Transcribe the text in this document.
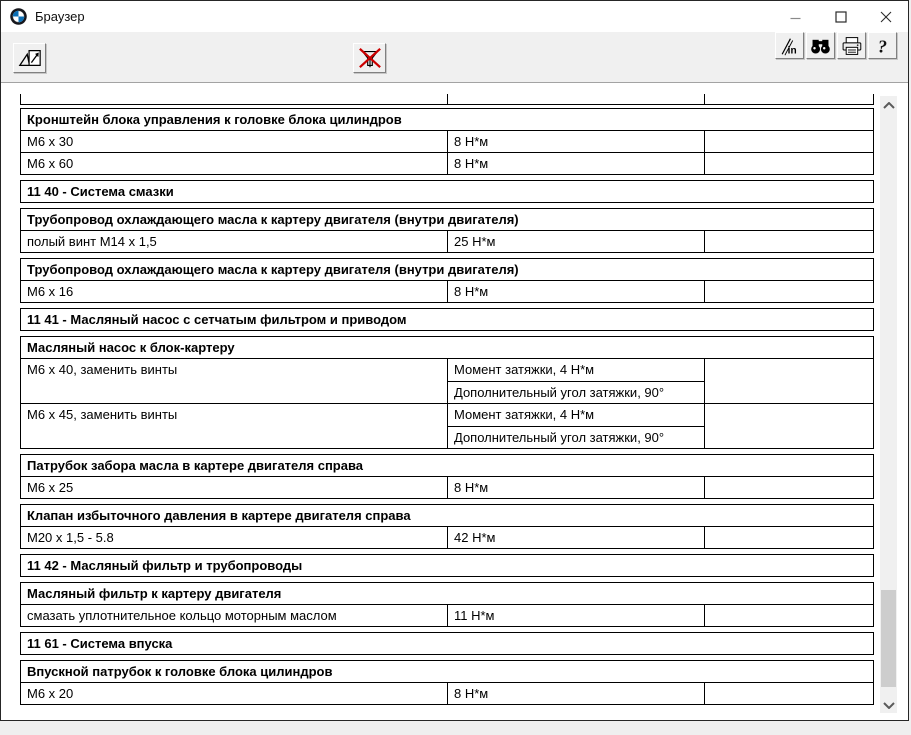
Браузер
in	?
Кронштейн блока управления к головке блока цилиндров
М6 x 30	8 Н*м
М6 x 60	8 Н*м
11 40 - Система смазки
Трубопровод охлаждающего масла к картеру двигателя (внутри двигателя)
полый винт М14 x 1,5	25 Н*м
Трубопровод охлаждающего масла к картеру двигателя (внутри двигателя)
М6 x 16	8 Н*м
11 41 - Масляный насос с сетчатым фильтром и приводом
Масляный насос к блок-картеру
М6 x 40, заменить винты	Момент затяжки, 4 Н*м
Дополнительный угол затяжки, 90°
М6 x 45, заменить винты	Момент затяжки, 4 Н*м
Дополнительный угол затяжки, 90°
Патрубок забора масла в картере двигателя справа
М6 x 25	8 Н*м
Клапан избыточного давления в картере двигателя справа
М20 x 1,5 - 5.8	42 Н*м
11 42 - Масляный фильтр и трубопроводы
Масляный фильтр к картеру двигателя
смазать уплотнительное кольцо моторным маслом	11 Н*м
11 61 - Система впуска
Впускной патрубок к головке блока цилиндров
М6 x 20	8 Н*м
